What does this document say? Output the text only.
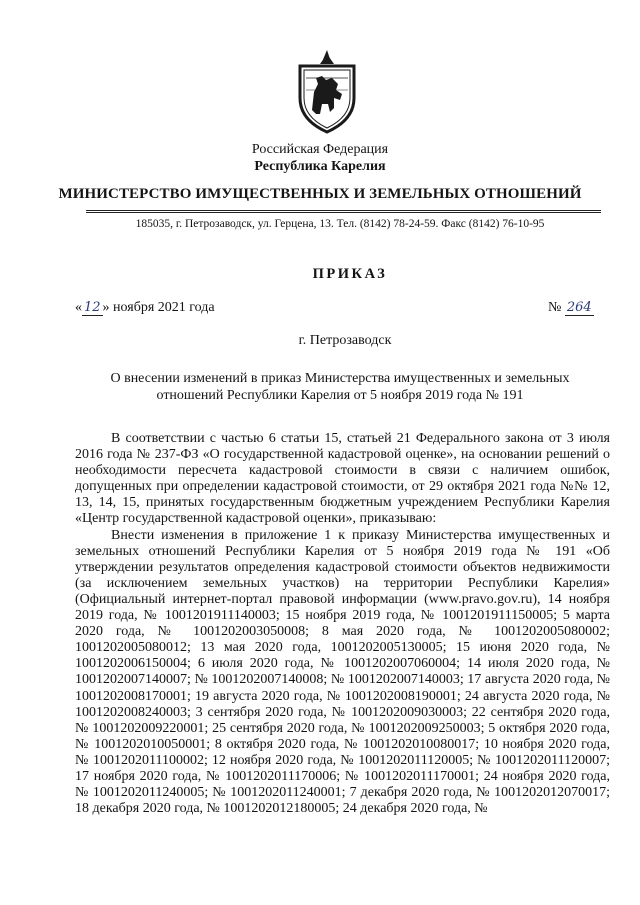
Российская Федерация
Республика Карелия
МИНИСТЕРСТВО ИМУЩЕСТВЕННЫХ И ЗЕМЕЛЬНЫХ ОТНОШЕНИЙ
185035, г. Петрозаводск, ул. Герцена, 13. Тел. (8142) 78-24-59. Факс (8142) 76-10-95
ПРИКАЗ
« 12 » ноября 2021 года	№ 264
г. Петрозаводск
О внесении изменений в приказ Министерства имущественных и земельных отношений Республики Карелия от 5 ноября 2019 года № 191

В соответствии с частью 6 статьи 15, статьей 21 Федерального закона от 3 июля 2016 года № 237-ФЗ «О государственной кадастровой оценке», на основании решений о необходимости пересчета кадастровой стоимости в связи с наличием ошибок, допущенных при определении кадастровой стоимости, от 29 октября 2021 года №№ 12, 13, 14, 15, принятых государственным бюджетным учреждением Республики Карелия «Центр государственной кадастровой оценки», приказываю:

Внести изменения в приложение 1 к приказу Министерства имущественных и земельных отношений Республики Карелия от 5 ноября 2019 года № 191 «Об утверждении результатов определения кадастровой стоимости объектов недвижимости (за исключением земельных участков) на территории Республики Карелия» (Официальный интернет-портал правовой информации (www.pravo.gov.ru), 14 ноября 2019 года, № 1001201911140003; 15 ноября 2019 года, № 1001201911150005; 5 марта 2020 года, № 1001202003050008; 8 мая 2020 года, № 1001202005080002; 1001202005080012; 13 мая 2020 года, 1001202005130005; 15 июня 2020 года, № 1001202006150004; 6 июля 2020 года, № 1001202007060004; 14 июля 2020 года, № 1001202007140007; № 1001202007140008; № 1001202007140003; 17 августа 2020 года, № 1001202008170001; 19 августа 2020 года, № 1001202008190001; 24 августа 2020 года, № 1001202008240003; 3 сентября 2020 года, № 1001202009030003; 22 сентября 2020 года, № 1001202009220001; 25 сентября 2020 года, № 1001202009250003; 5 октября 2020 года, № 1001202010050001; 8 октября 2020 года, № 1001202010080017; 10 ноября 2020 года, № 1001202011100002; 12 ноября 2020 года, № 1001202011120005; № 1001202011120007; 17 ноября 2020 года, № 1001202011170006; № 1001202011170001; 24 ноября 2020 года, № 1001202011240005; № 1001202011240001; 7 декабря 2020 года, № 1001202012070017; 18 декабря 2020 года, № 1001202012180005; 24 декабря 2020 года, №
